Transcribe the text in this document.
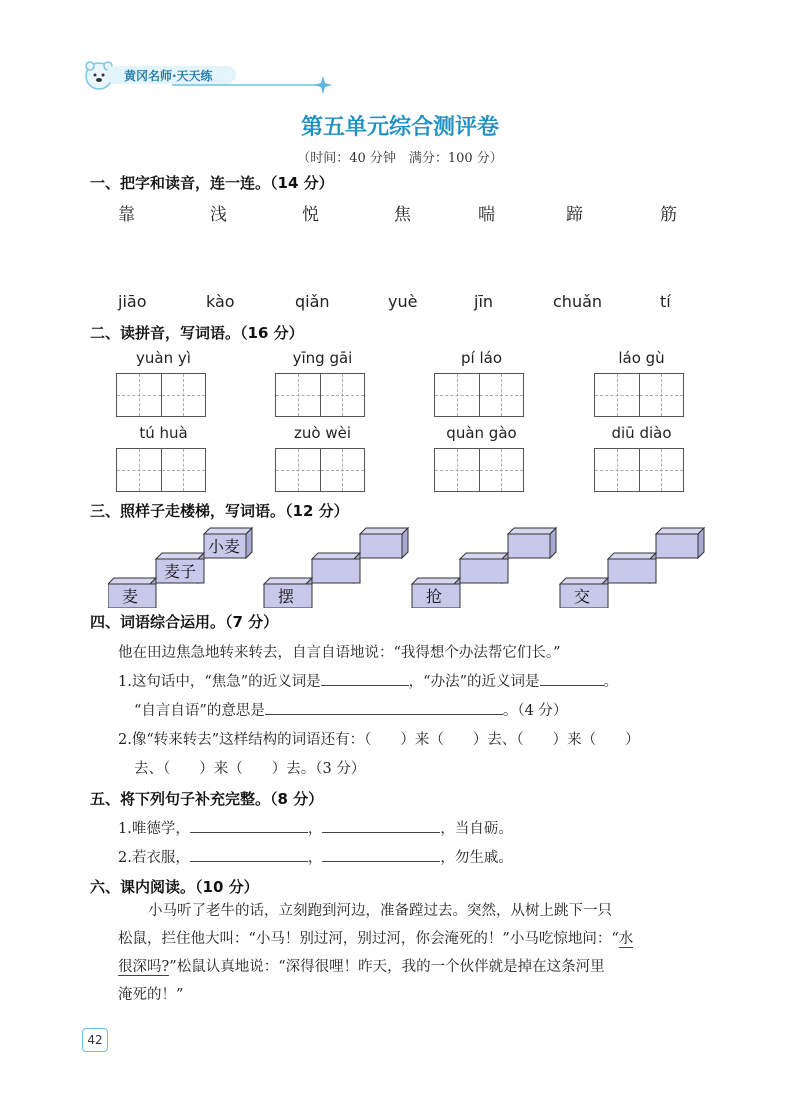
黄冈名师·天天练
第五单元综合测评卷
（时间：40 分钟　满分：100 分）
一、把字和读音，连一连。（14 分）
靠	浅	悦	焦	喘	蹄	筋
jiāo	kào	qiǎn	yuè	jīn	chuǎn	tí
二、读拼音，写词语。（16 分）
yuàn yì	yīng gāi	pí láo	láo gù
tú huà	zuò wèi	quàn gào	diū diào
三、照样子走楼梯，写词语。（12 分）
麦
麦子
小麦
摆	抢	交
四、词语综合运用。（7 分）
他在田边焦急地转来转去，自言自语地说：“我得想个办法帮它们长。”
1.这句话中，“焦急”的近义词是	，“办法”的近义词是	。
“自言自语”的意思是	。（4 分）
2.像“转来转去”这样结构的词语还有：（　　）来（　　）去、（　　）来（　　）
去、（　　）来（　　）去。（3 分）
五、将下列句子补充完整。（8 分）
1.唯德学，	，	，当自砺。
2.若衣服，	，	，勿生戚。
六、课内阅读。（10 分）
小马听了老牛的话，立刻跑到河边，准备蹚过去。突然，从树上跳下一只
松鼠，拦住他大叫：“小马！别过河，别过河，你会淹死的！”小马吃惊地问：“水
很深吗?”松鼠认真地说：“深得很哩！昨天，我的一个伙伴就是掉在这条河里
淹死的！”
42
